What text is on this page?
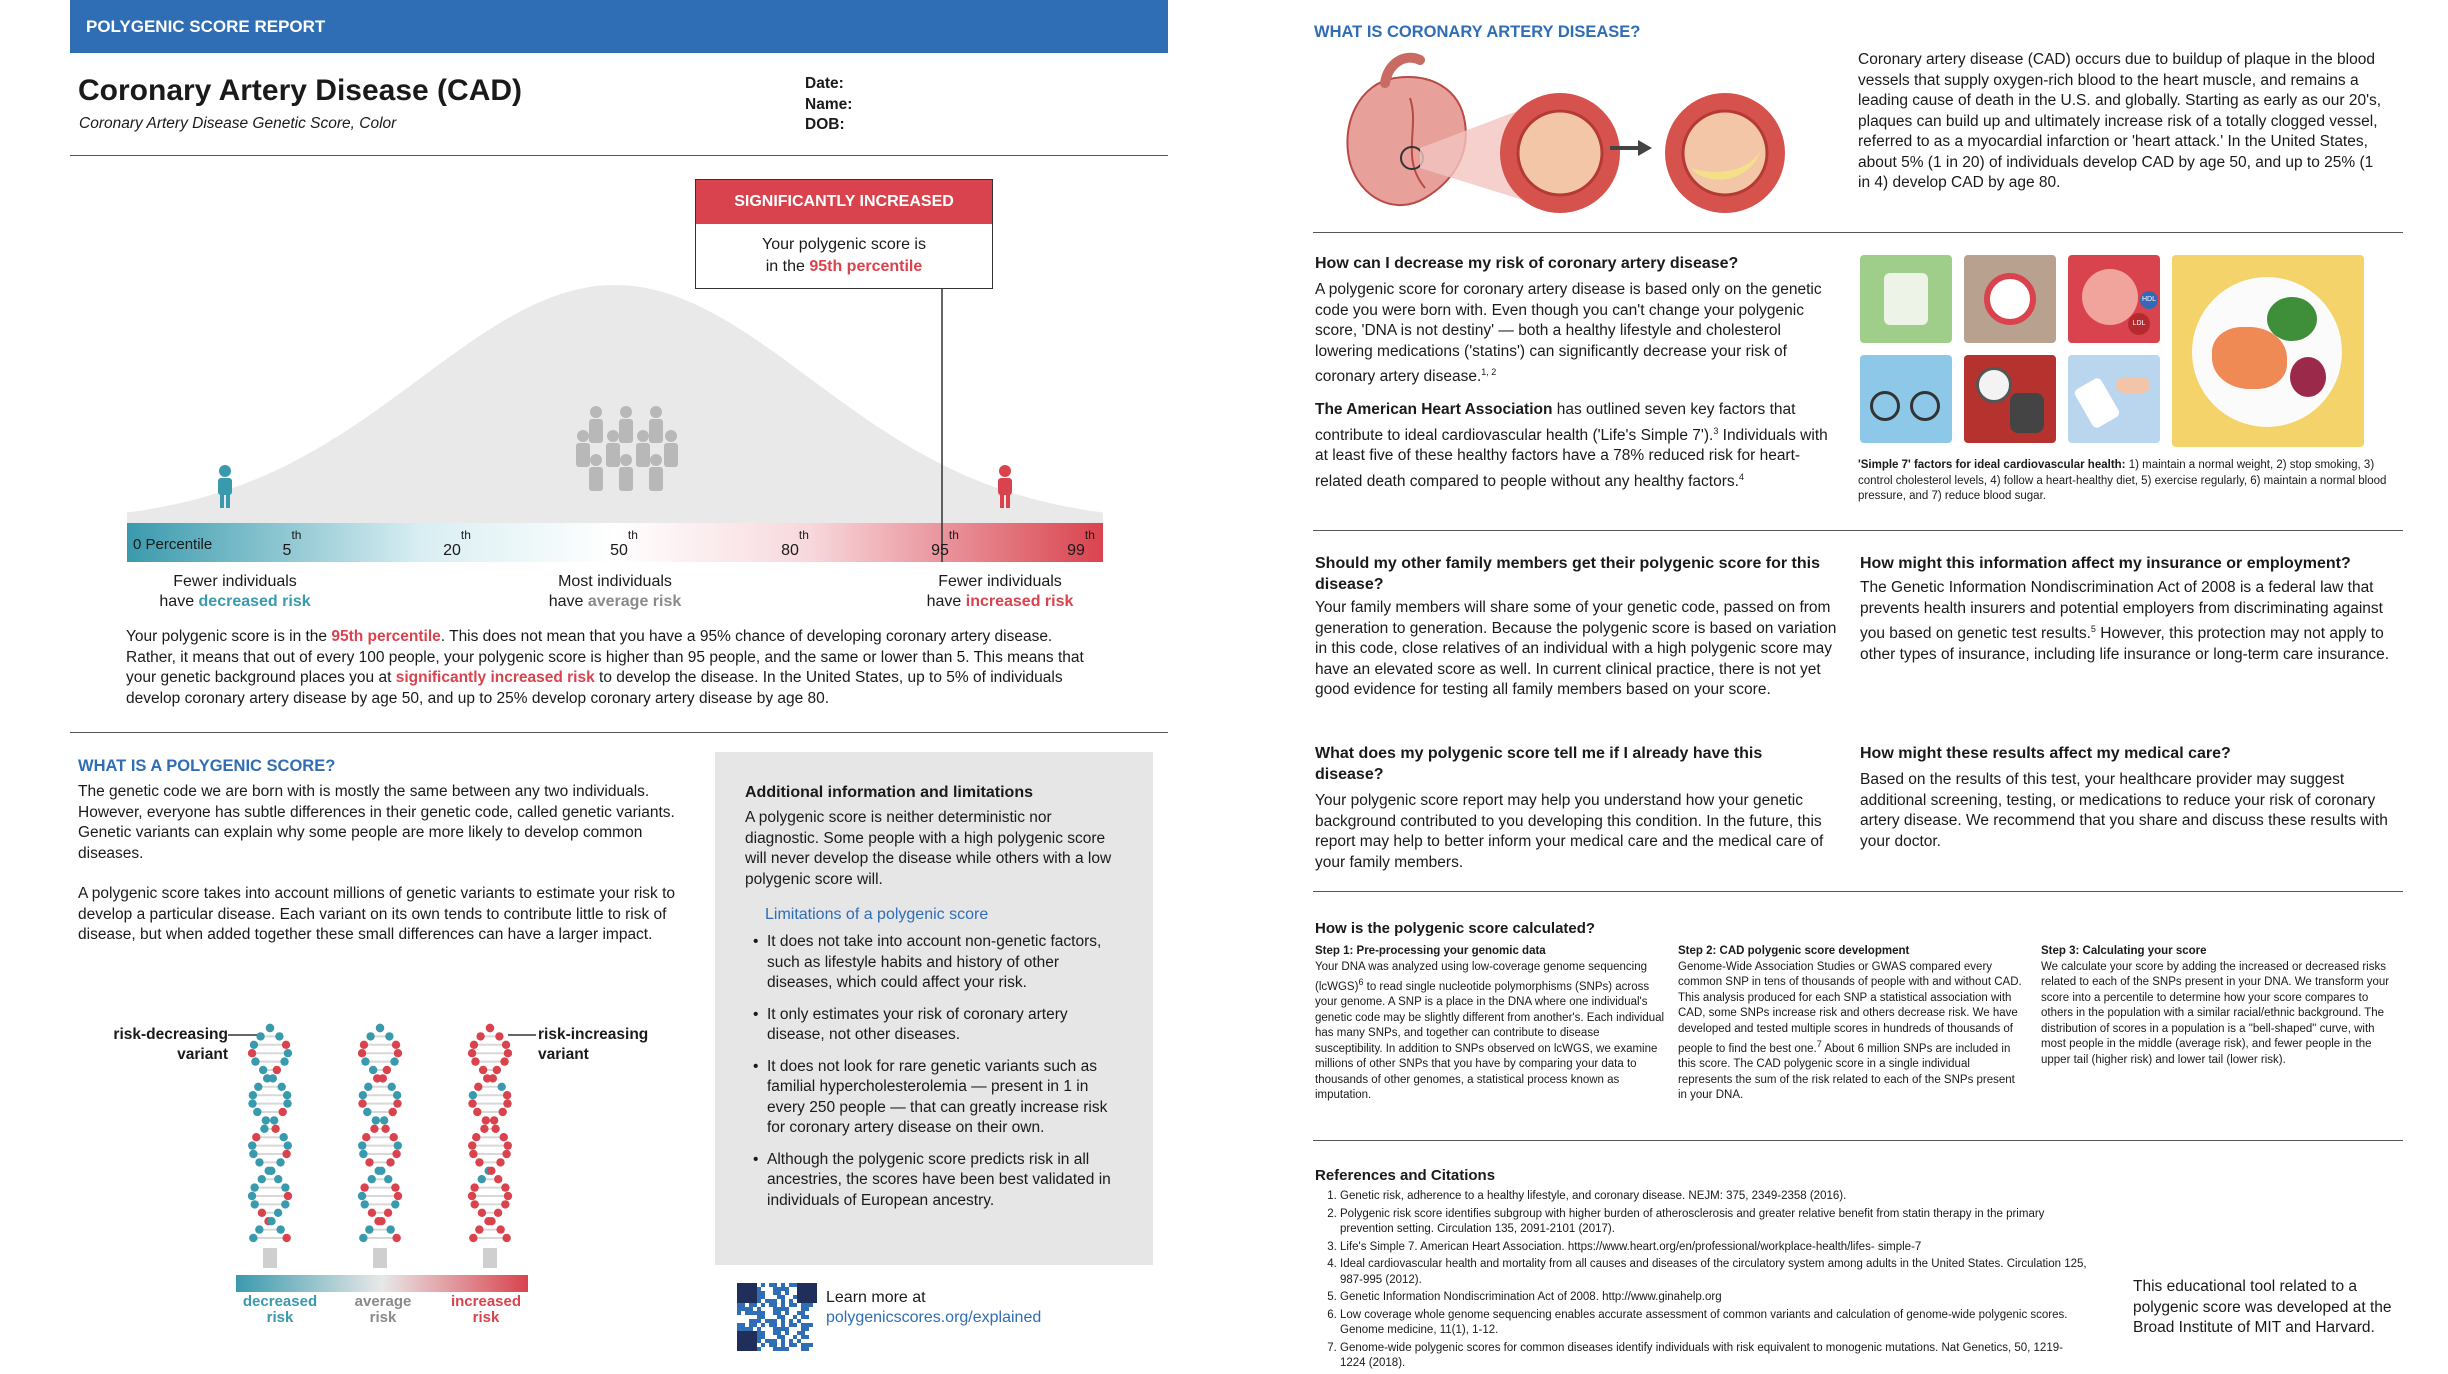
POLYGENIC SCORE REPORT
Coronary Artery Disease (CAD)
Coronary Artery Disease Genetic Score, Color
Date:
Name:
DOB:
SIGNIFICANTLY INCREASED
Your polygenic score is
in the 95th percentile
0 Percentile	5th
20th
50th
80th
95th
99th
Fewer individuals
have decreased risk
Most individuals
have average risk
Fewer individuals
have increased risk
Your polygenic score is in the 95th percentile. This does not mean that you have a 95% chance of developing coronary artery disease. Rather, it means that out of every 100 people, your polygenic score is higher than 95 people, and the same or lower than 5. This means that your genetic background places you at significantly increased risk to develop the disease. In the United States, up to 5% of individuals develop coronary artery disease by age 50, and up to 25% develop coronary artery disease by age 80.
WHAT IS A POLYGENIC SCORE?
The genetic code we are born with is mostly the same between any two individuals. However, everyone has subtle differences in their genetic code, called genetic variants. Genetic variants can explain why some people are more likely to develop common diseases.
A polygenic score takes into account millions of genetic variants to estimate your risk to develop a particular disease. Each variant on its own tends to contribute little to risk of disease, but when added together these small differences can have a larger impact.
risk-decreasing
variant
risk-increasing
variant
decreased
risk
average
risk
increased
risk
Additional information and limitations
A polygenic score is neither deterministic nor diagnostic. Some people with a high polygenic score will never develop the disease while others with a low polygenic score will.
Limitations of a polygenic score
• It does not take into account non-genetic factors, such as lifestyle habits and history of other diseases, which could affect your risk.
• It only estimates your risk of coronary artery disease, not other diseases.
• It does not look for rare genetic variants such as familial hypercholesterolemia — present in 1 in every 250 people — that can greatly increase risk for coronary artery disease on their own.
• Although the polygenic score predicts risk in all ancestries, the scores have been best validated in individuals of European ancestry.
Learn more at
polygenicscores.org/explained
WHAT IS CORONARY ARTERY DISEASE?
Coronary artery disease (CAD) occurs due to buildup of plaque in the blood vessels that supply oxygen-rich blood to the heart muscle, and remains a leading cause of death in the U.S. and globally. Starting as early as our 20's, plaques can build up and ultimately increase risk of a totally clogged vessel, referred to as a myocardial infarction or 'heart attack.' In the United States, about 5% (1 in 20) of individuals develop CAD by age 50, and up to 25% (1 in 4) develop CAD by age 80.
How can I decrease my risk of coronary artery disease?
A polygenic score for coronary artery disease is based only on the genetic code you were born with. Even though you can't change your polygenic score, 'DNA is not destiny' — both a healthy lifestyle and cholesterol lowering medications ('statins') can significantly decrease your risk of coronary artery disease.$^{1, 2}$
The American Heart Association has outlined seven key factors that contribute to ideal cardiovascular health ('Life's Simple 7').$^3$ Individuals with at least five of these healthy factors have a 78% reduced risk for heart-related death compared to people without any healthy factors.$^4$
LDL
HDL
'Simple 7' factors for ideal cardiovascular health: 1) maintain a normal weight, 2) stop smoking, 3) control cholesterol levels, 4) follow a heart-healthy diet, 5) exercise regularly, 6) maintain a normal blood pressure, and 7) reduce blood sugar.
Should my other family members get their polygenic score for this disease?
Your family members will share some of your genetic code, passed on from generation to generation. Because the polygenic score is based on variation in this code, close relatives of an individual with a high polygenic score may have an elevated score as well. In current clinical practice, there is not yet good evidence for testing all family members based on your score.
How might this information affect my insurance or employment?
The Genetic Information Nondiscrimination Act of 2008 is a federal law that prevents health insurers and potential employers from discriminating against you based on genetic test results.$^5$ However, this protection may not apply to other types of insurance, including life insurance or long-term care insurance.
What does my polygenic score tell me if I already have this disease?
Your polygenic score report may help you understand how your genetic background contributed to you developing this condition. In the future, this report may help to better inform your medical care and the medical care of your family members.
How might these results affect my medical care?
Based on the results of this test, your healthcare provider may suggest additional screening, testing, or medications to reduce your risk of coronary artery disease. We recommend that you share and discuss these results with your doctor.
How is the polygenic score calculated?
Step 1: Pre-processing your genomic data
Your DNA was analyzed using low-coverage genome sequencing (lcWGS)$^6$ to read single nucleotide polymorphisms (SNPs) across your genome. A SNP is a place in the DNA where one individual's genetic code may be slightly different from another's. Each individual has many SNPs, and together can contribute to disease susceptibility. In addition to SNPs observed on lcWGS, we examine millions of other SNPs that you have by comparing your data to thousands of other genomes, a statistical process known as imputation.
Step 2: CAD polygenic score development
Genome-Wide Association Studies or GWAS compared every common SNP in tens of thousands of people with and without CAD. This analysis produced for each SNP a statistical association with CAD, some SNPs increase risk and others decrease risk. We have developed and tested multiple scores in hundreds of thousands of people to find the best one.$^7$ About 6 million SNPs are included in this score. The CAD polygenic score in a single individual represents the sum of the risk related to each of the SNPs present in your DNA.
Step 3: Calculating your score
We calculate your score by adding the increased or decreased risks related to each of the SNPs present in your DNA. We transform your score into a percentile to determine how your score compares to others in the population with a similar racial/ethnic background. The distribution of scores in a population is a "bell-shaped" curve, with most people in the middle (average risk), and fewer people in the upper tail (higher risk) and lower tail (lower risk).
References and Citations
1. Genetic risk, adherence to a healthy lifestyle, and coronary disease. NEJM: 375, 2349-2358 (2016).
2. Polygenic risk score identifies subgroup with higher burden of atherosclerosis and greater relative benefit from statin therapy in the primary prevention setting. Circulation 135, 2091-2101 (2017).
3. Life's Simple 7. American Heart Association. https://www.heart.org/en/professional/workplace-health/lifes- simple-7
4. Ideal cardiovascular health and mortality from all causes and diseases of the circulatory system among adults in the United States. Circulation 125, 987-995 (2012).
5. Genetic Information Nondiscrimination Act of 2008. http://www.ginahelp.org
6. Low coverage whole genome sequencing enables accurate assessment of common variants and calculation of genome-wide polygenic scores. Genome medicine, 11(1), 1-12.
7. Genome-wide polygenic scores for common diseases identify individuals with risk equivalent to monogenic mutations. Nat Genetics, 50, 1219-1224 (2018).
This educational tool related to a polygenic score was developed at the Broad Institute of MIT and Harvard.
